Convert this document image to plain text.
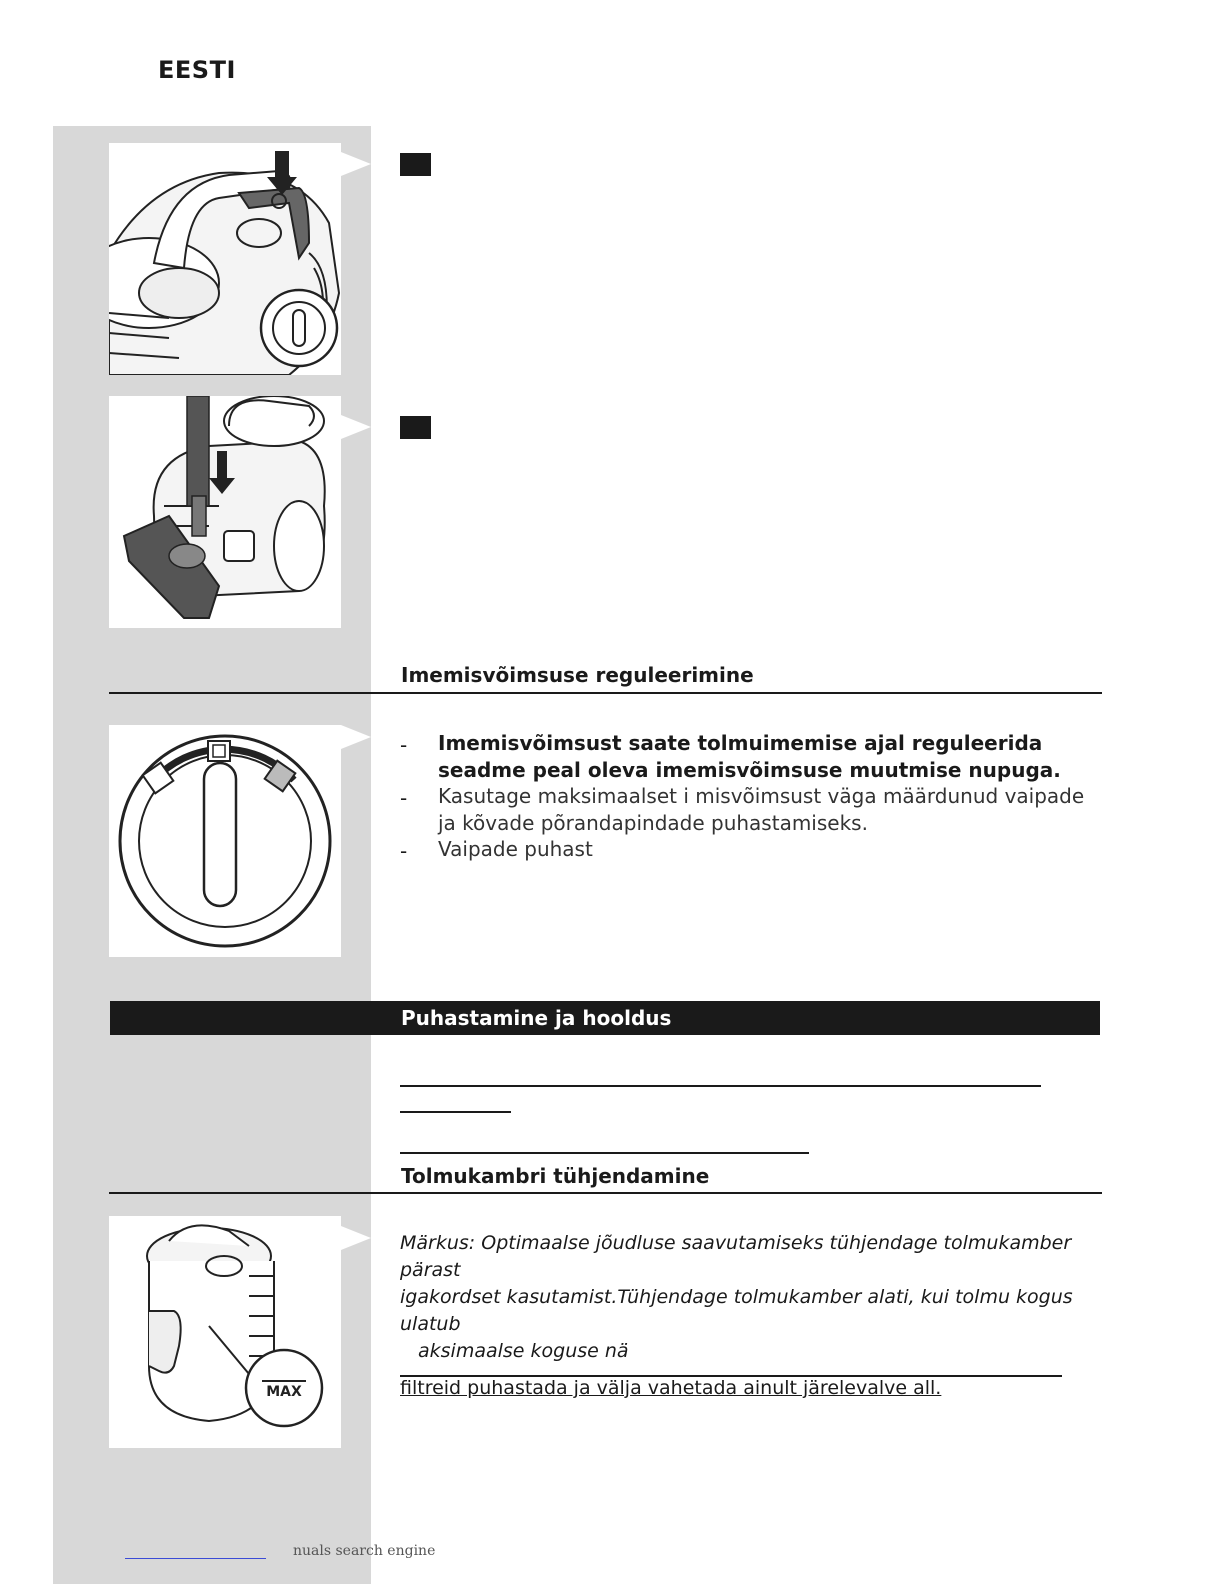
EESTI
Imemisvõimsuse reguleerimine
- Imemisvõimsust saate tolmuimemise ajal reguleerida seadme peal oleva imemisvõimsuse muutmise nupuga.
- Kasutage maksimaalset i misvõimsust väga määrdunud vaipade ja kõvade põrandapindade puhastamiseks.
- Vaipade puhast
Puhastamine ja hooldus
Tolmukambri tühjendamine
MAX
Märkus: Optimaalse jõudluse saavutamiseks tühjendage tolmukamber pärast
igakordset kasutamist.Tühjendage tolmukamber alati, kui tolmu kogus ulatub
aksimaalse koguse nä
filtreid puhastada ja välja vahetada ainult järelevalve all.
nuals search engine
